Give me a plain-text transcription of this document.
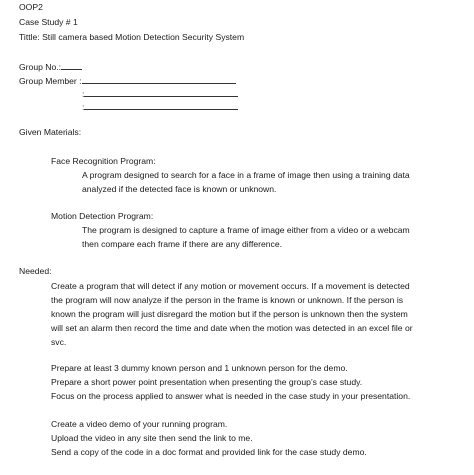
OOP2
Case Study # 1
Tittle: Still camera based Motion Detection Security System
Group No.:
Group Member :
:
:
Given Materials:
Face Recognition Program:
A program designed to search for a face in a frame of image then using a training data
analyzed if the detected face is known or unknown.
Motion Detection Program:
The program is designed to capture a frame of image either from a video or a webcam
then compare each frame if there are any difference.
Needed:
Create a program that will detect if any motion or movement occurs. If a movement is detected
the program will now analyze if the person in the frame is known or unknown. If the person is
known the program will just disregard the motion but if the person is unknown then the system
will set an alarm then record the time and date when the motion was detected in an excel file or
svc.
Prepare at least 3 dummy known person and 1 unknown person for the demo.
Prepare a short power point presentation when presenting the group’s case study.
Focus on the process applied to answer what is needed in the case study in your presentation.
Create a video demo of your running program.
Upload the video in any site then send the link to me.
Send a copy of the code in a doc format and provided link for the case study demo.
